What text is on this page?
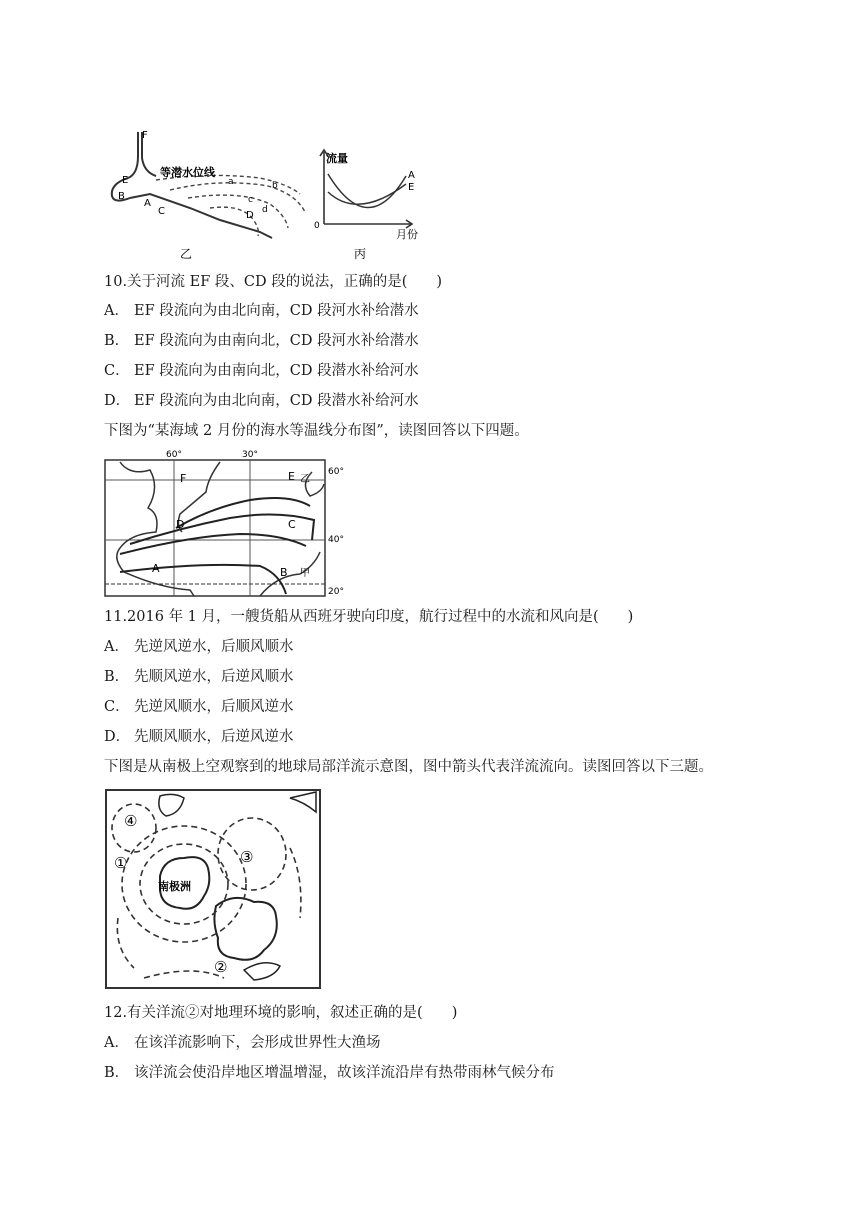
等潜水位线
F
E
B
A
C	D
a	b
c
d
乙
流量
A
E
0
月份
丙
10.关于河流 EF 段、CD 段的说法，正确的是(　　)
A． EF 段流向为由北向南，CD 段河水补给潜水
B． EF 段流向为由南向北，CD 段河水补给潜水
C． EF 段流向为由南向北，CD 段潜水补给河水
D． EF 段流向为由北向南，CD 段潜水补给河水
下图为“某海域 2 月份的海水等温线分布图”，读图回答以下四题。
60°	30°
60°
40°
20°
F	E 乙
D	C
A	B 甲
11.2016 年 1 月，一艘货船从西班牙驶向印度，航行过程中的水流和风向是(　　)
A． 先逆风逆水，后顺风顺水
B． 先顺风逆水，后逆风顺水
C． 先逆风顺水，后顺风逆水
D． 先顺风顺水，后逆风逆水
下图是从南极上空观察到的地球局部洋流示意图，图中箭头代表洋流流向。读图回答以下三题。
④
①	③
②
南极洲
12.有关洋流②对地理环境的影响，叙述正确的是(　　)
A． 在该洋流影响下，会形成世界性大渔场
B． 该洋流会使沿岸地区增温增湿，故该洋流沿岸有热带雨林气候分布
